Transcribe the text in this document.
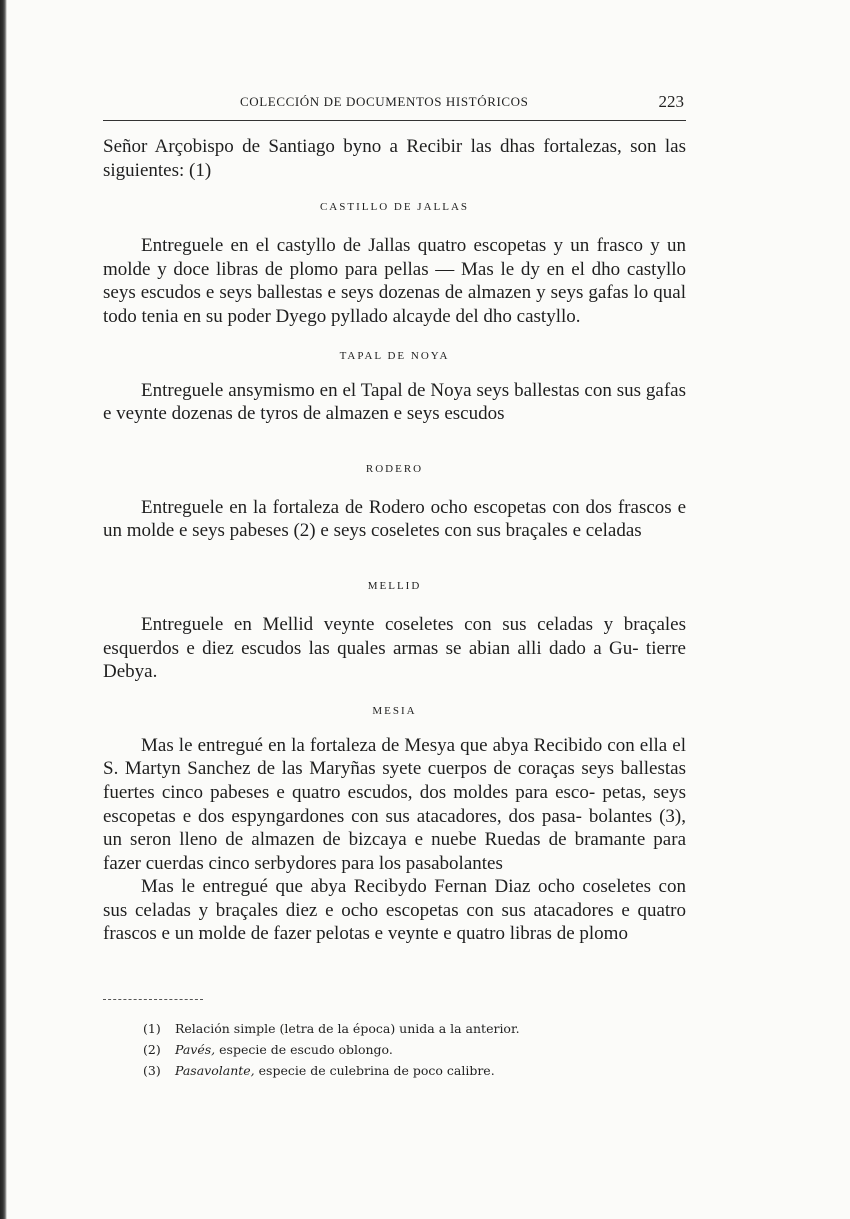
COLECCIÓN DE DOCUMENTOS HISTÓRICOS	223

Señor Arçobispo de Santiago byno a Recibir las dhas fortalezas, son las siguientes: (1)

CASTILLO DE JALLAS

Entreguele en el castyllo de Jallas quatro escopetas y un frasco y un molde y doce libras de plomo para pellas — Mas le dy en el dho castyllo seys escudos e seys ballestas e seys dozenas de almazen y seys gafas lo qual todo tenia en su poder Dyego pyllado alcayde del dho castyllo.

TAPAL DE NOYA

Entreguele ansymismo en el Tapal de Noya seys ballestas con sus gafas e veynte dozenas de tyros de almazen e seys escudos

RODERO

Entreguele en la fortaleza de Rodero ocho escopetas con dos frascos e un molde e seys pabeses (2) e seys coseletes con sus braçales e celadas

MELLID

Entreguele en Mellid veynte coseletes con sus celadas y braçales esquerdos e diez escudos las quales armas se abian alli dado a Gu- tierre Debya.

MESIA

Mas le entregué en la fortaleza de Mesya que abya Recibido con ella el S. Martyn Sanchez de las Maryñas syete cuerpos de coraças seys ballestas fuertes cinco pabeses e quatro escudos, dos moldes para esco- petas, seys escopetas e dos espyngardones con sus atacadores, dos pasa- bolantes (3), un seron lleno de almazen de bizcaya e nuebe Ruedas de bramante para fazer cuerdas cinco serbydores para los pasabolantes

Mas le entregué que abya Recibydo Fernan Diaz ocho coseletes con sus celadas y braçales diez e ocho escopetas con sus atacadores e quatro frascos e un molde de fazer pelotas e veynte e quatro libras de plomo

(1) Relación simple (letra de la época) unida a la anterior.
(2) Pavés, especie de escudo oblongo.
(3) Pasavolante, especie de culebrina de poco calibre.
